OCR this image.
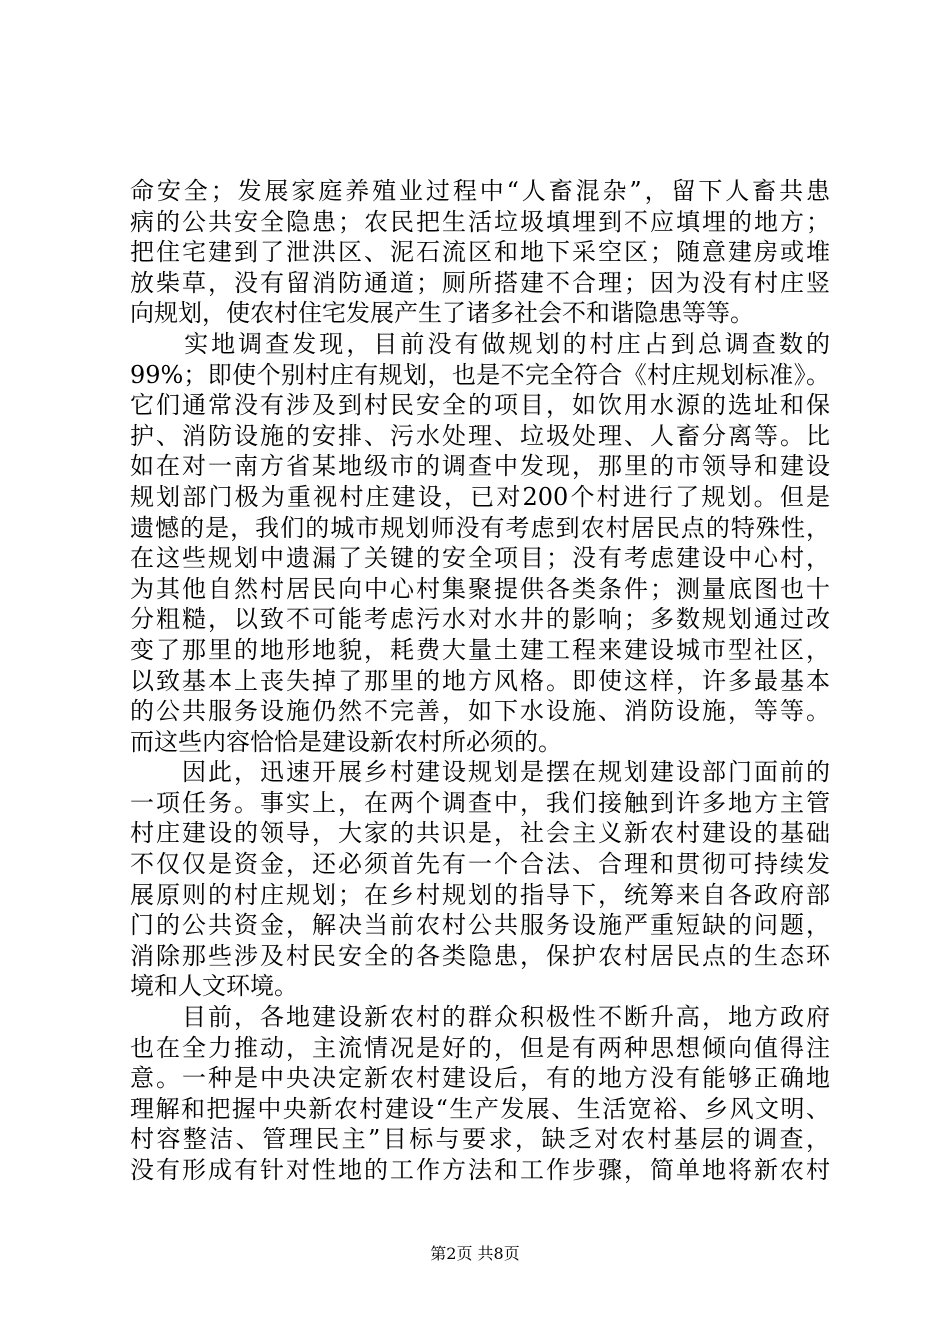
命安全；发展家庭养殖业过程中“人畜混杂”，留下人畜共患
病的公共安全隐患；农民把生活垃圾填埋到不应填埋的地方；
把住宅建到了泄洪区、泥石流区和地下采空区；随意建房或堆
放柴草，没有留消防通道；厕所搭建不合理；因为没有村庄竖
向规划，使农村住宅发展产生了诸多社会不和谐隐患等等。
　　实地调查发现，目前没有做规划的村庄占到总调查数的
99%；即使个别村庄有规划，也是不完全符合《村庄规划标准》。
它们通常没有涉及到村民安全的项目，如饮用水源的选址和保
护、消防设施的安排、污水处理、垃圾处理、人畜分离等。比
如在对一南方省某地级市的调查中发现，那里的市领导和建设
规划部门极为重视村庄建设，已对200个村进行了规划。但是
遗憾的是，我们的城市规划师没有考虑到农村居民点的特殊性，
在这些规划中遗漏了关键的安全项目；没有考虑建设中心村，
为其他自然村居民向中心村集聚提供各类条件；测量底图也十
分粗糙，以致不可能考虑污水对水井的影响；多数规划通过改
变了那里的地形地貌，耗费大量土建工程来建设城市型社区，
以致基本上丧失掉了那里的地方风格。即使这样，许多最基本
的公共服务设施仍然不完善，如下水设施、消防设施，等等。
而这些内容恰恰是建设新农村所必须的。
　　因此，迅速开展乡村建设规划是摆在规划建设部门面前的
一项任务。事实上，在两个调查中，我们接触到许多地方主管
村庄建设的领导，大家的共识是，社会主义新农村建设的基础
不仅仅是资金，还必须首先有一个合法、合理和贯彻可持续发
展原则的村庄规划；在乡村规划的指导下，统筹来自各政府部
门的公共资金，解决当前农村公共服务设施严重短缺的问题，
消除那些涉及村民安全的各类隐患，保护农村居民点的生态环
境和人文环境。
　　目前，各地建设新农村的群众积极性不断升高，地方政府
也在全力推动，主流情况是好的，但是有两种思想倾向值得注
意。一种是中央决定新农村建设后，有的地方没有能够正确地
理解和把握中央新农村建设“生产发展、生活宽裕、乡风文明、
村容整洁、管理民主”目标与要求，缺乏对农村基层的调查，
没有形成有针对性地的工作方法和工作步骤，简单地将新农村
第2页 共8页
